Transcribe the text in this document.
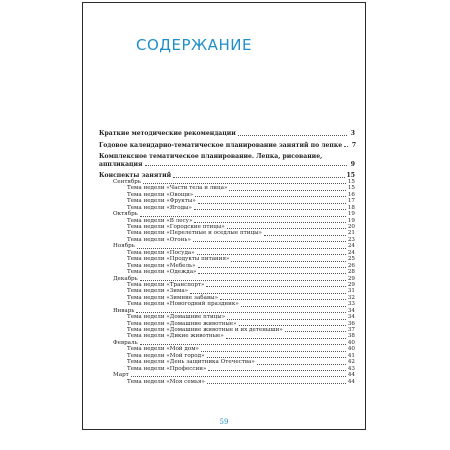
СОДЕРЖАНИЕ
Краткие методические рекомендации	3
Годовое календарно-тематическое планирование занятий по лепке 7
Комплексное тематическое планирование. Лепка, рисование,
аппликация	9
Конспекты занятий	15
Сентябрь	15
Тема недели «Части тела и лица»	15
Тема недели «Овощи»	16
Тема недели «Фрукты»	17
Тема недели «Ягоды»	18
Октябрь	19
Тема недели «В лесу»	19
Тема недели «Городские птицы»	20
Тема недели «Перелетные и оседлые птицы»	21
Тема недели «Огонь»	23
Ноябрь	24
Тема недели «Посуда»	24
Тема недели «Продукты питания»	25
Тема недели «Мебель»	26
Тема недели «Одежда»	28
Декабрь	29
Тема недели «Транспорт»	29
Тема недели «Зима»	31
Тема недели «Зимние забавы»	32
Тема недели «Новогодний праздник»	33
Январь	34
Тема недели «Домашние птицы»	34
Тема недели «Домашние животные»	36
Тема недели «Домашние животные и их детеныши»	37
Тема недели «Дикие животные»	38
Февраль	40
Тема недели «Мой дом»	40
Тема недели «Мой город»	41
Тема недели «День защитника Отечества»	42
Тема недели «Профессии»	43
Март	44
Тема недели «Моя семья»	44
59
